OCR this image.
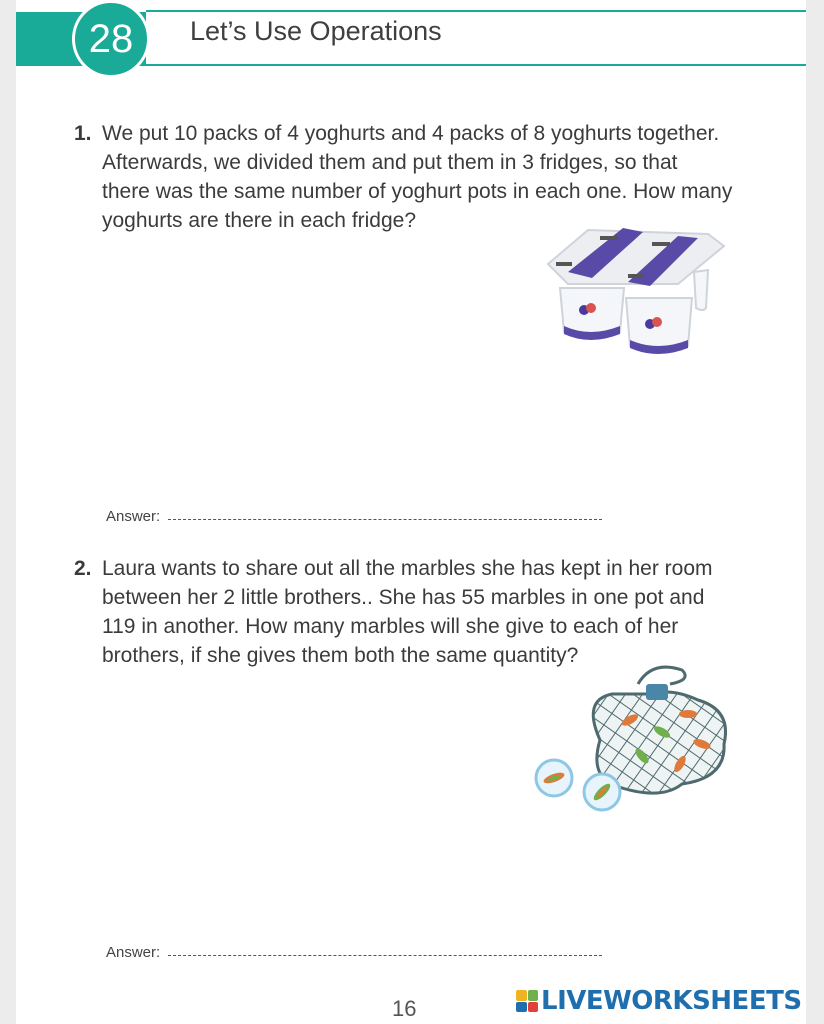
28 Let’s Use Operations
1. We put 10 packs of 4 yoghurts and 4 packs of 8 yoghurts together.
Afterwards, we divided them and put them in 3 fridges, so that
there was the same number of yoghurt pots in each one. How many
yoghurts are there in each fridge?
Answer:
2. Laura wants to share out all the marbles she has kept in her room
between her 2 little brothers.. She has 55 marbles in one pot and
119 in another. How many marbles will she give to each of her
brothers, if she gives them both the same quantity?
Answer:
16	LIVEWORKSHEETS
